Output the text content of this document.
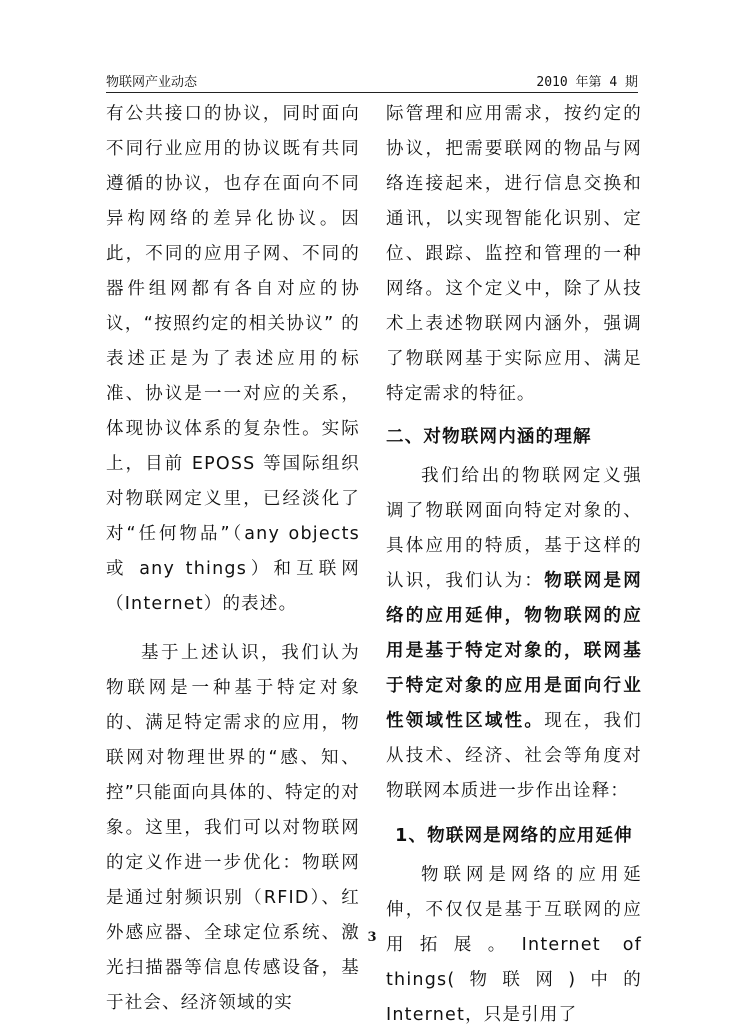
物联网产业动态	2010 年第 4 期

有公共接口的协议，同时面向不同行业应用的协议既有共同遵循的协议，也存在面向不同异构网络的差异化协议。因此，不同的应用子网、不同的器件组网都有各自对应的协议，“按照约定的相关协议” 的表述正是为了表述应用的标准、协议是一一对应的关系，体现协议体系的复杂性。实际上，目前 EPOSS 等国际组织对物联网定义里，已经淡化了对“任何物品”（any objects 或 any things）和互联网（Internet）的表述。

基于上述认识，我们认为物联网是一种基于特定对象的、满足特定需求的应用，物联网对物理世界的“感、知、控”只能面向具体的、特定的对象。这里，我们可以对物联网的定义作进一步优化：物联网是通过射频识别（RFID）、红外感应器、全球定位系统、激光扫描器等信息传感设备，基于社会、经济领域的实

际管理和应用需求，按约定的协议，把需要联网的物品与网络连接起来，进行信息交换和通讯，以实现智能化识别、定位、跟踪、监控和管理的一种网络。这个定义中，除了从技术上表述物联网内涵外，强调了物联网基于实际应用、满足特定需求的特征。

二、对物联网内涵的理解

我们给出的物联网定义强调了物联网面向特定对象的、具体应用的特质，基于这样的认识，我们认为：物联网是网络的应用延伸，物物联网的应用是基于特定对象的，联网基于特定对象的应用是面向行业性领域性区域性。现在，我们从技术、经济、社会等角度对物联网本质进一步作出诠释：

1、物联网是网络的应用延伸

物联网是网络的应用延伸，不仅仅是基于互联网的应用拓展。Internet of things(物联网)中的 Internet，只是引用了

3
